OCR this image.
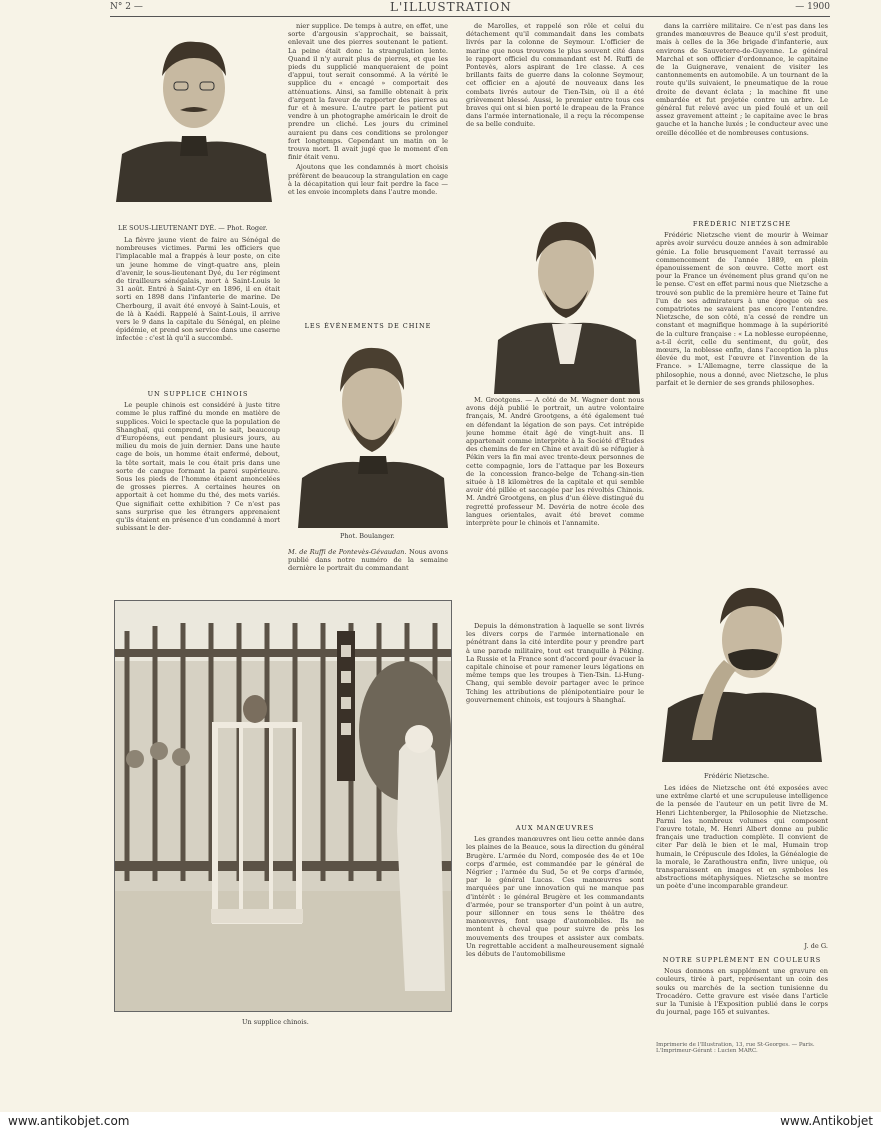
N° 2 —	L'ILLUSTRATION	— 1900
LE SOUS-LIEUTENANT DYÉ. — Phot. Roger.

La fièvre jaune vient de faire au Sénégal de nombreuses victimes. Parmi les officiers que l'implacable mal a frappés à leur poste, on cite un jeune homme de vingt-quatre ans, plein d'avenir, le sous-lieutenant Dyé, du 1er régiment de tirailleurs sénégalais, mort à Saint-Louis le 31 août. Entré à Saint-Cyr en 1896, il en était sorti en 1898 dans l'infanterie de marine. De Cherbourg, il avait été envoyé à Saint-Louis, et de là à Kaédi. Rappelé à Saint-Louis, il arrive vers le 9 dans la capitale du Sénégal, en pleine épidémie, et prend son service dans une caserne infectée : c'est là qu'il a succombé.

UN SUPPLICE CHINOIS

Le peuple chinois est considéré à juste titre comme le plus raffiné du monde en matière de supplices. Voici le spectacle que la population de Shanghaï, qui comprend, on le sait, beaucoup d'Européens, eut pendant plusieurs jours, au milieu du mois de juin dernier. Dans une haute cage de bois, un homme était enfermé, debout, la tête sortait, mais le cou était pris dans une sorte de cangue formant la paroi supérieure. Sous les pieds de l'homme étaient amoncelées de grosses pierres. A certaines heures on apportait à cet homme du thé, des mets variés. Que signifiait cette exhibition ? Ce n'est pas sans surprise que les étrangers apprenaient qu'ils étaient en présence d'un condamné à mort subissant le der-

nier supplice. De temps à autre, en effet, une sorte d'argousin s'approchait, se baissait, enlevait une des pierres soutenant le patient. La peine était donc la strangulation lente. Quand il n'y aurait plus de pierres, et que les pieds du supplicié manqueraient de point d'appui, tout serait consommé. A la vérité le supplice du « encagé » comportait des atténuations. Ainsi, sa famille obtenait à prix d'argent la faveur de rapporter des pierres au fur et à mesure. L'autre part le patient put vendre à un photographe américain le droit de prendre un cliché. Les jours du criminel auraient pu dans ces conditions se prolonger fort longtemps. Cependant un matin on le trouva mort. Il avait jugé que le moment d'en finir était venu.

Ajoutons que les condamnés à mort choisis préfèrent de beaucoup la strangulation en cage à la décapitation qui leur fait perdre la face — et les envoie incomplets dans l'autre monde.

LES ÉVÉNEMENTS DE CHINE
Phot. Boulanger.
M. de Ruffi de Pontevès-Gévaudan. Nous avons publié dans notre numéro de la semaine dernière le portrait du commandant
Un supplice chinois.

de Marolles, et rappelé son rôle et celui du détachement qu'il commandait dans les combats livrés par la colonne de Seymour. L'officier de marine que nous trouvons le plus souvent cité dans le rapport officiel du commandant est M. Ruffi de Pontevès, alors aspirant de 1re classe. A ces brillants faits de guerre dans la colonne Seymour, cet officier en a ajouté de nouveaux dans les combats livrés autour de Tien-Tsin, où il a été grièvement blessé. Aussi, le premier entre tous ces braves qui ont si bien porté le drapeau de la France dans l'armée internationale, il a reçu la récompense de sa belle conduite.

M. Grootgens. — A côté de M. Wagner dont nous avons déjà publié le portrait, un autre volontaire français, M. André Grootgens, a été également tué en défendant la légation de son pays. Cet intrépide jeune homme était âgé de vingt-huit ans. Il appartenait comme interprète à la Société d'Études des chemins de fer en Chine et avait dû se réfugier à Pékin vers la fin mai avec trente-deux personnes de cette compagnie, lors de l'attaque par les Boxeurs de la concession franco-belge de Tchang-sin-tien située à 18 kilomètres de la capitale et qui semble avoir été pillée et saccagée par les révoltés Chinois. M. André Grootgens, en plus d'un élève distingué du regretté professeur M. Devéria de notre école des langues orientales, avait été brevet comme interprète pour le chinois et l'annamite.

Depuis la démonstration à laquelle se sont livrés les divers corps de l'armée internationale en pénétrant dans la cité interdite pour y prendre part à une parade militaire, tout est tranquille à Péking. La Russie et la France sont d'accord pour évacuer la capitale chinoise et pour ramener leurs légations en même temps que les troupes à Tien-Tsin. Li-Hung-Chang, qui semble devoir partager avec le prince Tching les attributions de plénipotentiaire pour le gouvernement chinois, est toujours à Shanghaï.

AUX MANŒUVRES

Les grandes manœuvres ont lieu cette année dans les plaines de la Beauce, sous la direction du général Brugère. L'armée du Nord, composée des 4e et 10e corps d'armée, est commandée par le général de Négrier ; l'armée du Sud, 5e et 9e corps d'armée, par le général Lucas. Ces manœuvres sont marquées par une innovation qui ne manque pas d'intérêt : le général Brugère et les commandants d'armée, pour se transporter d'un point à un autre, pour sillonner en tous sens le théâtre des manœuvres, font usage d'automobiles. Ils ne montent à cheval que pour suivre de près les mouvements des troupes et assister aux combats. Un regrettable accident a malheureusement signalé les débuts de l'automobilisme

dans la carrière militaire. Ce n'est pas dans les grandes manœuvres de Beauce qu'il s'est produit, mais à celles de la 36e brigade d'infanterie, aux environs de Sauveterre-de-Guyenne. Le général Marchal et son officier d'ordonnance, le capitaine de la Guignerave, venaient de visiter les cantonnements en automobile. A un tournant de la route qu'ils suivaient, le pneumatique de la roue droite de devant éclata ; la machine fit une embardée et fut projetée contre un arbre. Le général fut relevé avec un pied foulé et un œil assez gravement atteint ; le capitaine avec le bras gauche et la hanche luxés ; le conducteur avec une oreille décollée et de nombreuses contusions.

FRÉDÉRIC NIETZSCHE

Frédéric Nietzsche vient de mourir à Weimar après avoir survécu douze années à son admirable génie. La folie brusquement l'avait terrassé au commencement de l'année 1889, en plein épanouissement de son œuvre. Cette mort est pour la France un événement plus grand qu'on ne le pense. C'est en effet parmi nous que Nietzsche a trouvé son public de la première heure et Taine fut l'un de ses admirateurs à une époque où ses compatriotes ne savaient pas encore l'entendre. Nietzsche, de son côté, n'a cessé de rendre un constant et magnifique hommage à la supériorité de la culture française : « La noblesse européenne, a-t-il écrit, celle du sentiment, du goût, des mœurs, la noblesse enfin, dans l'acception la plus élevée du mot, est l'œuvre et l'invention de la France. » L'Allemagne, terre classique de la philosophie, nous a donné, avec Nietzsche, le plus parfait et le dernier de ses grands philosophes.

Frédéric Nietzsche.

Les idées de Nietzsche ont été exposées avec une extrême clarté et une scrupuleuse intelligence de la pensée de l'auteur en un petit livre de M. Henri Lichtenberger, la Philosophie de Nietzsche. Parmi les nombreux volumes qui composent l'œuvre totale, M. Henri Albert donne au public français une traduction complète. Il convient de citer Par delà le bien et le mal, Humain trop humain, le Crépuscule des Idoles, la Généalogie de la morale, le Zarathoustra enfin, livre unique, où transparaissent en images et en symboles les abstractions métaphysiques. Nietzsche se montre un poète d'une incomparable grandeur.

J. de G.
NOTRE SUPPLÉMENT EN COULEURS

Nous donnons en supplément une gravure en couleurs, tirée à part, représentant un coin des souks ou marchés de la section tunisienne du Trocadéro. Cette gravure est visée dans l'article sur la Tunisie à l'Exposition publié dans le corps du journal, page 165 et suivantes.

Imprimerie de l'Illustration, 13, rue St-Georges. — Paris. L'Imprimeur-Gérant : Lucien MARC.
www.antikobjet.com	www.Antikobjet
